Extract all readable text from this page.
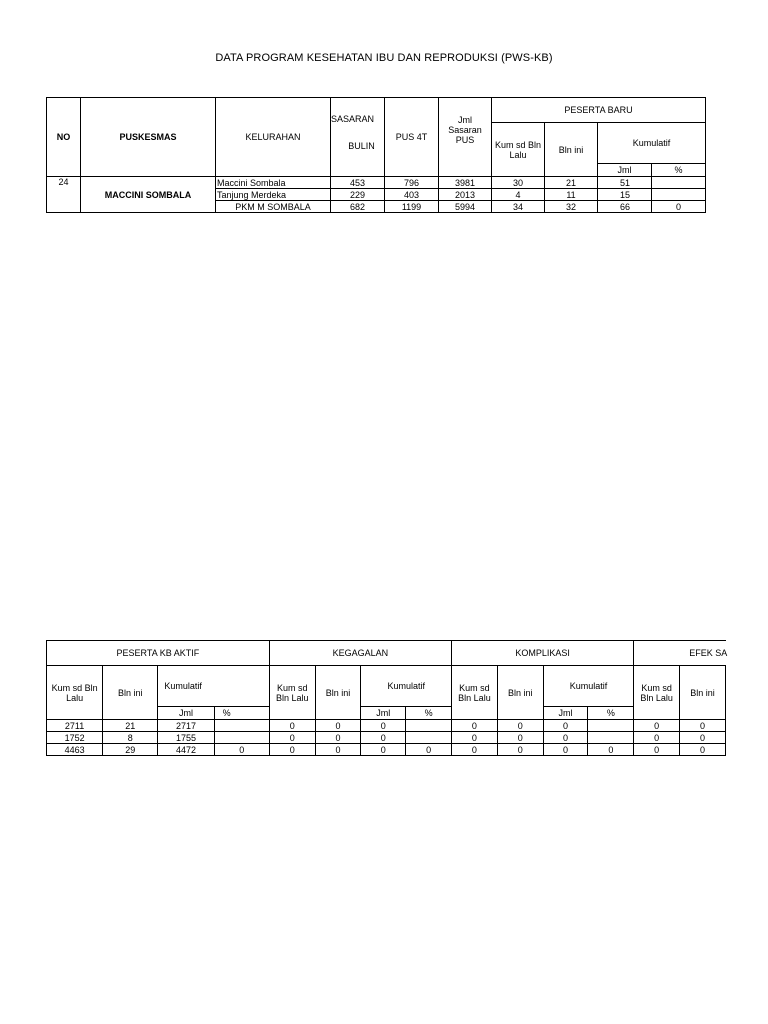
DATA PROGRAM KESEHATAN IBU DAN REPRODUKSI (PWS-KB)
NO	PUSKESMAS	KELURAHAN	SASARAN
BULIN	PUS 4T	Jml Sasaran PUS	PESERTA BARU			
						Kum sd Bln Lalu	Bln ini	Kumulatif	
								Jml	%
24	MACCINI SOMBALA	Maccini Sombala	453	796	3981	30	21	51	
		Tanjung Merdeka	229	403	2013	4	11	15	
		PKM M SOMBALA	682	1199	5994	34	32	66	0
PESERTA KB AKTIF				KEGAGALAN				KOMPLIKASI				EFEK SA	
Kum sd Bln Lalu	Bln ini	Kumulatif		Kum sd Bln Lalu	Bln ini	Kumulatif		Kum sd Bln Lalu	Bln ini	Kumulatif		Kum sd Bln Lalu	Bln ini
		Jml	%			Jml	%			Jml	%		
2711	21	2717		0	0	0		0	0	0		0	0
1752	8	1755		0	0	0		0	0	0		0	0
4463	29	4472	0	0	0	0	0	0	0	0	0	0	0
